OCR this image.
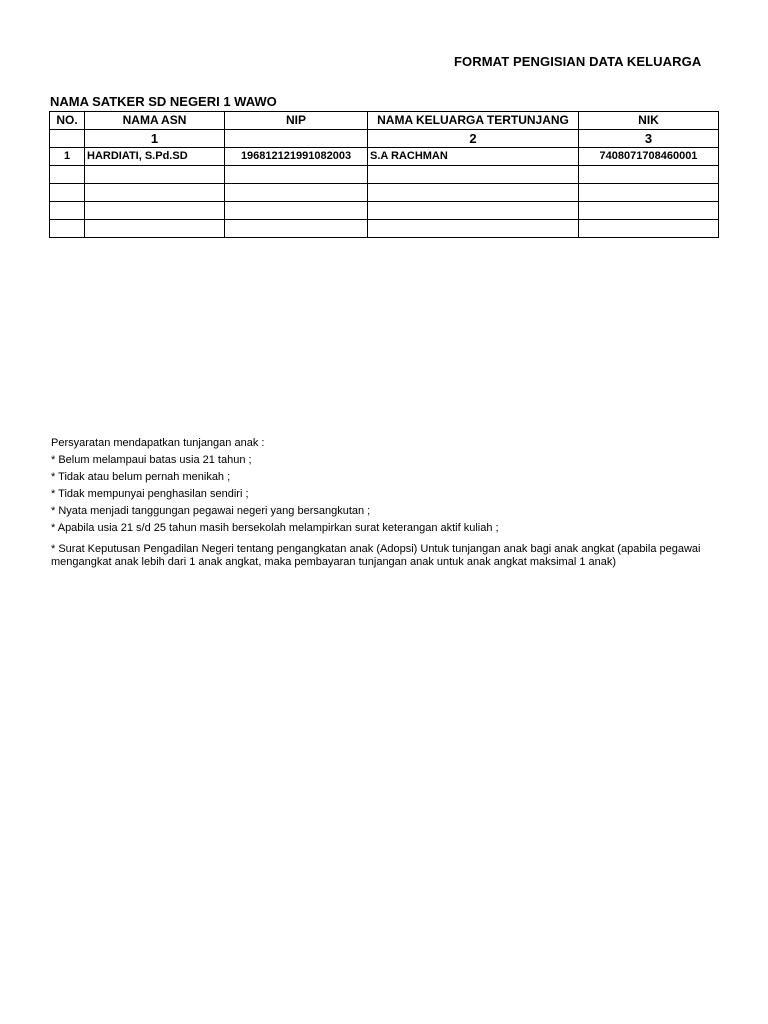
FORMAT PENGISIAN DATA KELUARGA
NAMA SATKER SD NEGERI 1 WAWO
NO.	NAMA ASN	NIP	NAMA KELUARGA TERTUNJANG	NIK
	1		2	3
1	HARDIATI, S.Pd.SD	196812121991082003	S.A RACHMAN	7408071708460001

Persyaratan mendapatkan tunjangan anak :
* Belum melampaui batas usia 21 tahun ;
* Tidak atau belum pernah menikah ;
* Tidak mempunyai penghasilan sendiri ;
* Nyata menjadi tanggungan pegawai negeri yang bersangkutan ;
* Apabila usia 21 s/d 25 tahun masih bersekolah melampirkan surat keterangan aktif kuliah ;
* Surat Keputusan Pengadilan Negeri tentang pengangkatan anak (Adopsi) Untuk tunjangan anak bagi anak angkat (apabila pegawai mengangkat anak lebih dari 1 anak angkat, maka pembayaran tunjangan anak untuk anak angkat maksimal 1 anak)
